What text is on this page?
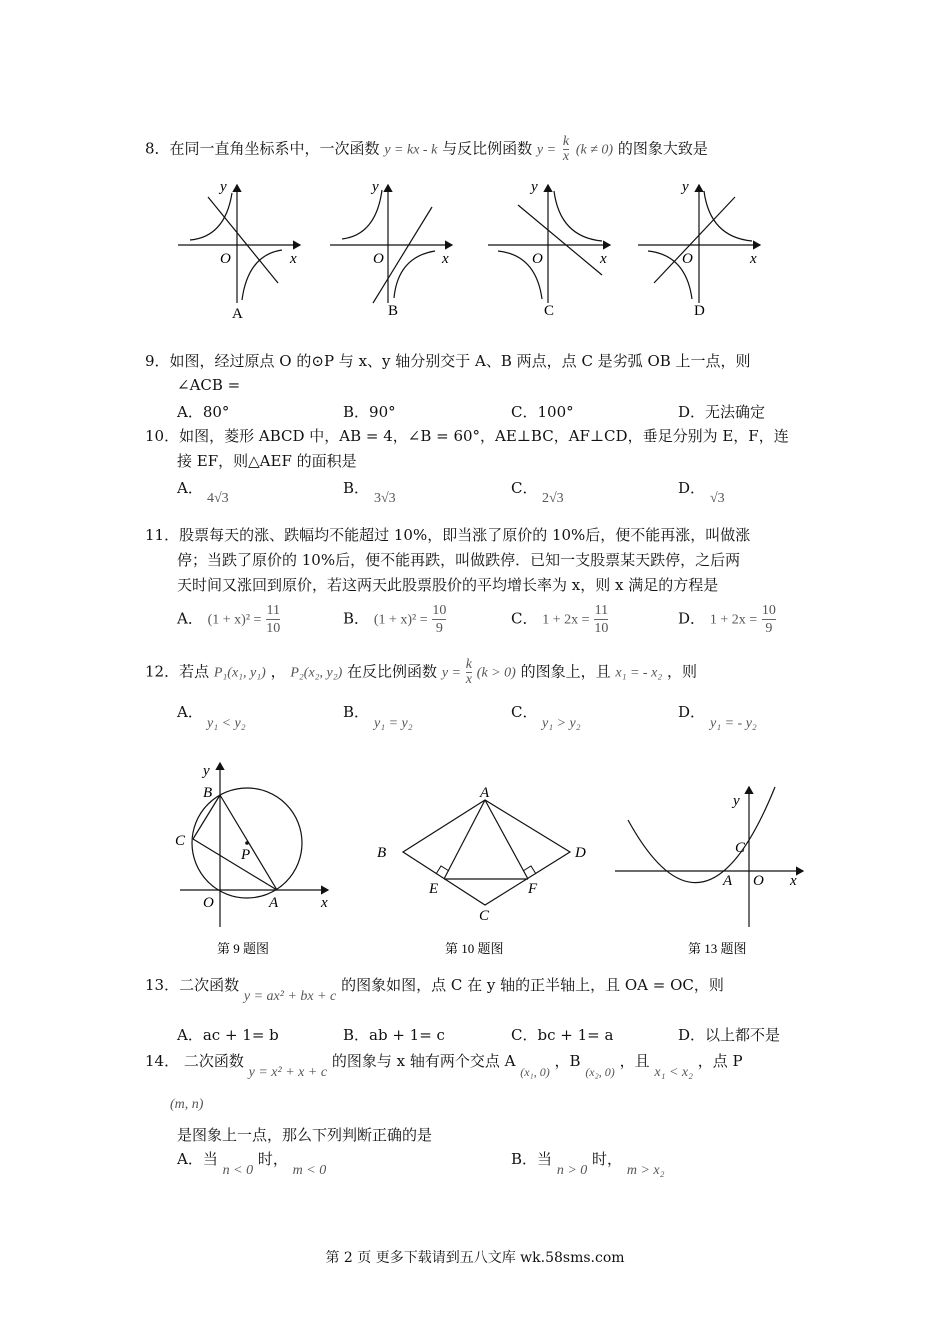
8．在同一直角坐标系中，一次函数 y = kx - k 与反比例函数 $y = \frac{k}{x} (k \ne 0)$ 的图象大致是
y
x
O
A
y
x
O
B
y
x
O
C
y
x
O
D
9．如图，经过原点 O 的⊙P 与 x、y 轴分别交于 A、B 两点，点 C 是劣弧 OB 上一点，则
∠ACB =
A．80°	B．90°	C．100°	D．无法确定
10．如图，菱形 ABCD 中，AB = 4，∠B = 60°，AE⊥BC，AF⊥CD，垂足分别为 E，F，连
接 EF，则△AEF 的面积是
A．
4√3
B．
3√3
C．
2√3
D．
√3
11．股票每天的涨、跌幅均不能超过 10%，即当涨了原价的 10%后，便不能再涨，叫做涨
停；当跌了原价的 10%后，便不能再跌，叫做跌停．已知一支股票某天跌停，之后两
天时间又涨回到原价，若这两天此股票股价的平均增长率为 x，则 x 满足的方程是
A． $(1 + x)^2 = \frac{11}{10}$	B． $(1 + x)^2 = \frac{10}{9}$	C． $1 + 2x = \frac{11}{10}$	D． $1 + 2x = \frac{10}{9}$
12．若点 P₁(x₁, y₁) ， P₂(x₂, y₂) 在反比例函数 $y = \frac{k}{x} (k > 0)$ 的图象上，且 x₁ = - x₂ ，则
A．
y₁ < y₂
B．
y₁ = y₂
C．
y₁ > y₂
D．
y₁ = - y₂
y
x
B
C
P
O	A
第 9 题图
A
B	D
E	F
C
第 10 题图
y
C
A O x
第 13 题图
13．二次函数 y = ax² + bx + c 的图象如图，点 C 在 y 轴的正半轴上，且 OA = OC，则
A．ac + 1= b	B．ab + 1= c	C．bc + 1= a	D．以上都不是
14． 二次函数 y = x² + x + c 的图象与 x 轴有两个交点 A $_{(x_1, 0)}$ ，B $_{(x_2, 0)}$ ，且 x₁ < x₂ ，点 P
(m, n)
是图象上一点，那么下列判断正确的是
A．当 n < 0 时， m < 0
B．当 n > 0 时， m > x₂
第 2 页 更多下载请到五八文库 wk.58sms.com
